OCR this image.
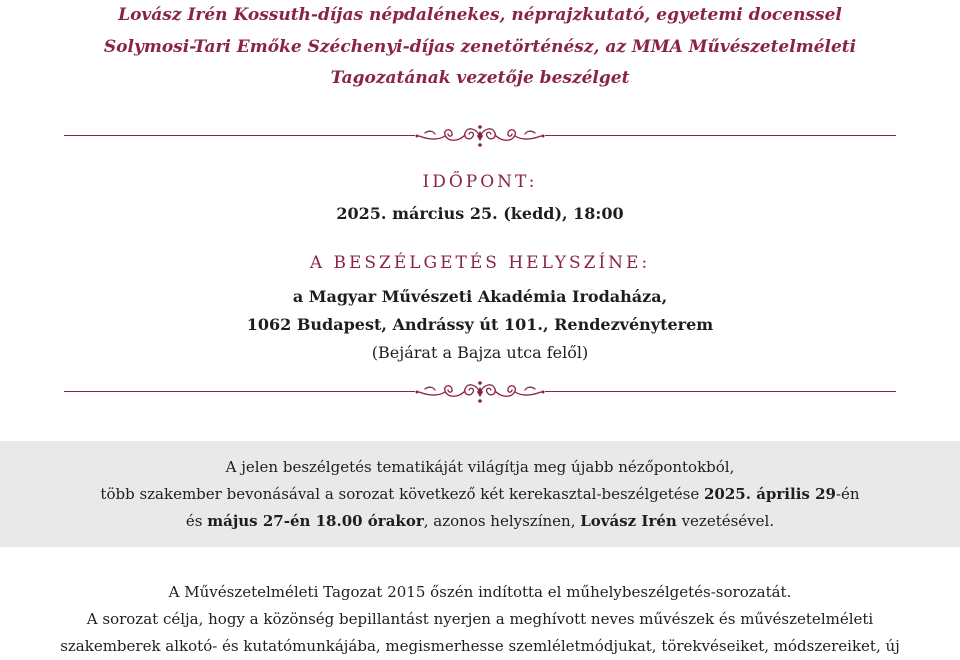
Lovász Irén Kossuth-díjas népdalénekes, néprajzkutató, egyetemi docenssel
Solymosi-Tari Emőke Széchenyi-díjas zenetörténész, az MMA Művészetelméleti
Tagozatának vezetője beszélget
IDŐPONT:
2025. március 25. (kedd), 18:00
A BESZÉLGETÉS HELYSZÍNE:
a Magyar Művészeti Akadémia Irodaháza,
1062 Budapest, Andrássy út 101., Rendezvényterem
(Bejárat a Bajza utca felől)
A jelen beszélgetés tematikáját világítja meg újabb nézőpontokból,
több szakember bevonásával a sorozat következő két kerekasztal-beszélgetése 2025. április 29-én
és május 27-én 18.00 órakor, azonos helyszínen, Lovász Irén vezetésével.
A Művészetelméleti Tagozat 2015 őszén indította el műhelybeszélgetés-sorozatát.
A sorozat célja, hogy a közönség bepillantást nyerjen a meghívott neves művészek és művészetelméleti
szakemberek alkotó- és kutatómunkájába, megismerhesse szemléletmódjukat, törekvéseiket, módszereiket, új
